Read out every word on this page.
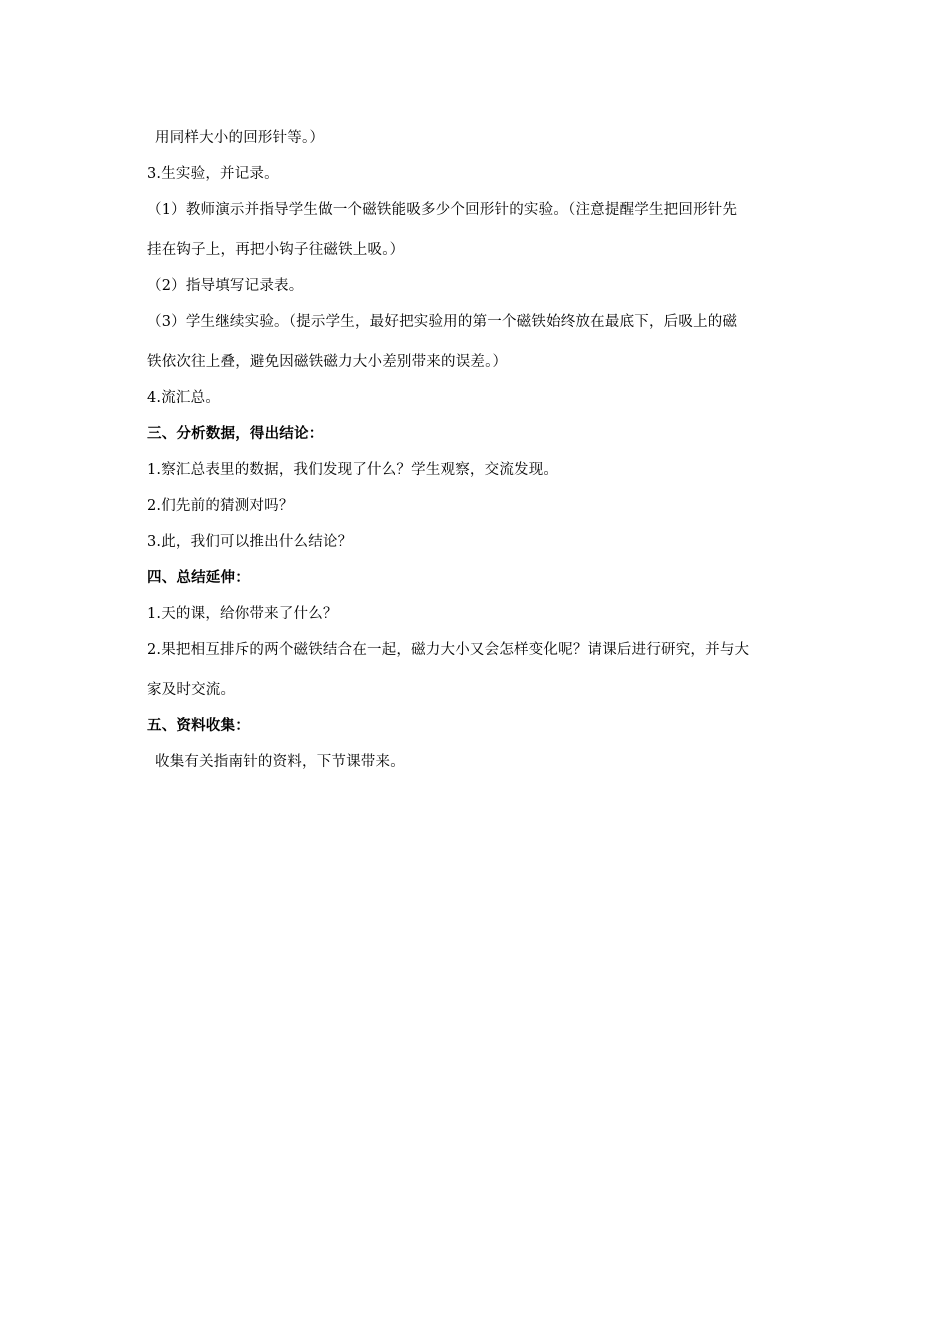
用同样大小的回形针等。）
3.生实验，并记录。
（1）教师演示并指导学生做一个磁铁能吸多少个回形针的实验。（注意提醒学生把回形针先
挂在钩子上，再把小钩子往磁铁上吸。）
（2）指导填写记录表。
（3）学生继续实验。（提示学生，最好把实验用的第一个磁铁始终放在最底下，后吸上的磁
铁依次往上叠，避免因磁铁磁力大小差别带来的误差。）
4.流汇总。
三、分析数据，得出结论：
1.察汇总表里的数据，我们发现了什么？学生观察，交流发现。
2.们先前的猜测对吗？
3.此，我们可以推出什么结论？
四、总结延伸：
1.天的课，给你带来了什么？
2.果把相互排斥的两个磁铁结合在一起，磁力大小又会怎样变化呢？请课后进行研究，并与大
家及时交流。
五、资料收集：
收集有关指南针的资料，下节课带来。
